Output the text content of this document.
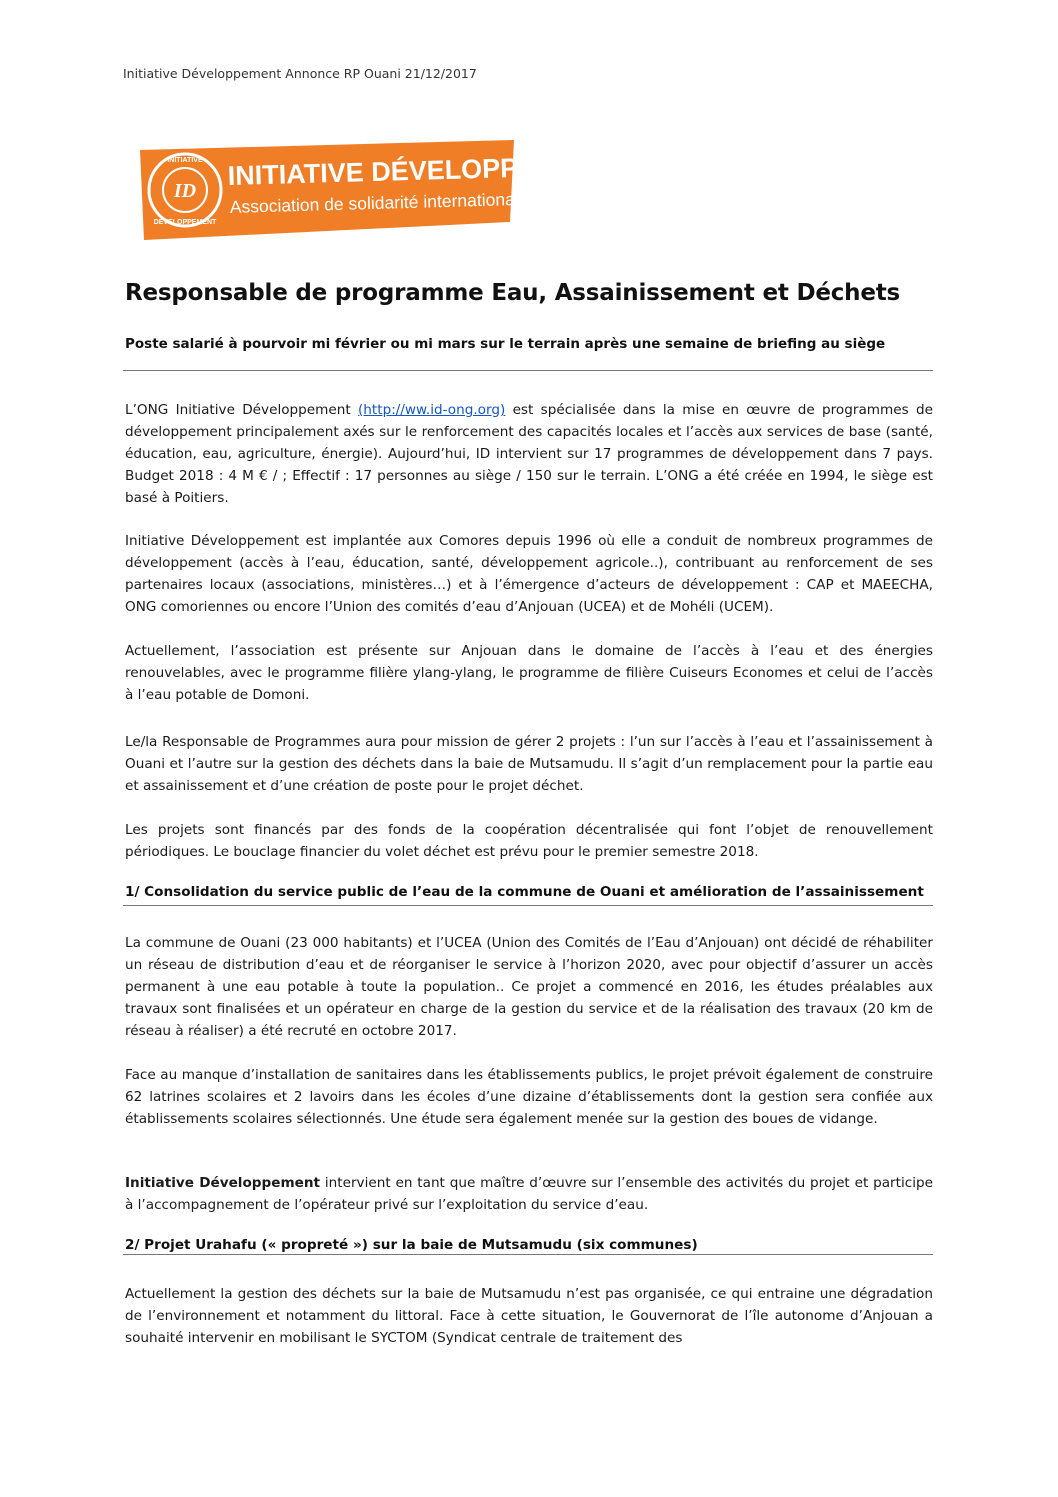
Initiative Développement Annonce RP Ouani 21/12/2017
ID
INITIATIVE
DÉVELOPPEMENT
INITIATIVE DÉVELOPPEMENT
Association de solidarité internationale
Responsable de programme Eau, Assainissement et Déchets

Poste salarié à pourvoir mi février ou mi mars sur le terrain après une semaine de briefing au siège

L’ONG Initiative Développement (http://ww.id-ong.org) est spécialisée dans la mise en œuvre de programmes de développement principalement axés sur le renforcement des capacités locales et l’accès aux services de base (santé, éducation, eau, agriculture, énergie). Aujourd’hui, ID intervient sur 17 programmes de développement dans 7 pays. Budget 2018 : 4 M € / ; Effectif : 17 personnes au siège / 150 sur le terrain. L’ONG a été créée en 1994, le siège est basé à Poitiers.

Initiative Développement est implantée aux Comores depuis 1996 où elle a conduit de nombreux programmes de développement (accès à l’eau, éducation, santé, développement agricole..), contribuant au renforcement de ses partenaires locaux (associations, ministères…) et à l’émergence d’acteurs de développement : CAP et MAEECHA, ONG comoriennes ou encore l’Union des comités d’eau d’Anjouan (UCEA) et de Mohéli (UCEM).

Actuellement, l’association est présente sur Anjouan dans le domaine de l’accès à l’eau et des énergies renouvelables, avec le programme filière ylang-ylang, le programme de filière Cuiseurs Economes et celui de l’accès à l’eau potable de Domoni.

Le/la Responsable de Programmes aura pour mission de gérer 2 projets : l’un sur l’accès à l’eau et l’assainissement à Ouani et l’autre sur la gestion des déchets dans la baie de Mutsamudu. Il s’agit d’un remplacement pour la partie eau et assainissement et d’une création de poste pour le projet déchet.

Les projets sont financés par des fonds de la coopération décentralisée qui font l’objet de renouvellement périodiques. Le bouclage financier du volet déchet est prévu pour le premier semestre 2018.

1/ Consolidation du service public de l’eau de la commune de Ouani et amélioration de l’assainissement

La commune de Ouani (23 000 habitants) et l’UCEA (Union des Comités de l’Eau d’Anjouan) ont décidé de réhabiliter un réseau de distribution d’eau et de réorganiser le service à l’horizon 2020, avec pour objectif d’assurer un accès permanent à une eau potable à toute la population.. Ce projet a commencé en 2016, les études préalables aux travaux sont finalisées et un opérateur en charge de la gestion du service et de la réalisation des travaux (20 km de réseau à réaliser) a été recruté en octobre 2017.

Face au manque d’installation de sanitaires dans les établissements publics, le projet prévoit également de construire 62 latrines scolaires et 2 lavoirs dans les écoles d’une dizaine d’établissements dont la gestion sera confiée aux établissements scolaires sélectionnés. Une étude sera également menée sur la gestion des boues de vidange.

Initiative Développement intervient en tant que maître d’œuvre sur l’ensemble des activités du projet et participe à l’accompagnement de l’opérateur privé sur l’exploitation du service d’eau.

2/ Projet Urahafu (« propreté ») sur la baie de Mutsamudu (six communes)

Actuellement la gestion des déchets sur la baie de Mutsamudu n’est pas organisée, ce qui entraine une dégradation de l’environnement et notamment du littoral. Face à cette situation, le Gouvernorat de l’île autonome d’Anjouan a souhaité intervenir en mobilisant le SYCTOM (Syndicat centrale de traitement des
